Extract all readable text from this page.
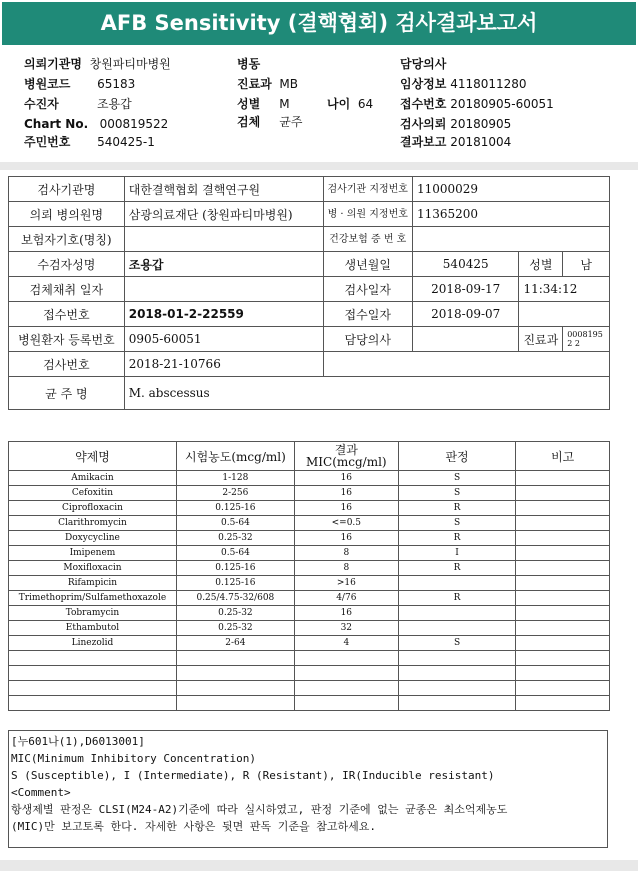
AFB Sensitivity (결핵협회) 검사결과보고서
의뢰기관명 창원파티마병원
병원코드 65183
수진자	조용갑
Chart No. 000819522
주민번호 540425-1
병동
진료과 MB
성별 M
검체 균주
나이 64
담당의사
임상정보 4118011280
접수번호 20180905-60051
검사의뢰 20180905
결과보고 20181004
검사기관명	대한결핵협회 결핵연구원	검사기관 지정번호	11000029		
의뢰 병의원명	삼광의료재단 (창원파티마병원)	병 · 의원 지정번호	11365200		
보험자기호(명칭)		건강보험 증 번 호			
수검자성명	조용갑	생년월일	540425	성별	남
검체채취 일자		검사일자	2018-09-17	11:34:12	
접수번호	2018-01-2-22559	접수일자	2018-09-07		
병원환자 등록번호	0905-60051	담당의사		진료과	00081952 2
검사번호	2018-21-10766				
균 주 명	M. abscessus				
약제명	시험농도(mcg/ml)	결과 MIC(mcg/ml)	판정	비고
Amikacin	1-128	16	S	
Cefoxitin	2-256	16	S	
Ciprofloxacin	0.125-16	16	R	
Clarithromycin	0.5-64	<=0.5	S	
Doxycycline	0.25-32	16	R	
Imipenem	0.5-64	8	I	
Moxifloxacin	0.125-16	8	R	
Rifampicin	0.125-16	>16		
Trimethoprim/Sulfamethoxazole	0.25/4.75-32/608	4/76	R	
Tobramycin	0.25-32	16		
Ethambutol	0.25-32	32		
Linezolid	2-64	4	S	

[누601나(1),D6013001]
MIC(Minimum Inhibitory Concentration)
S (Susceptible), I (Intermediate), R (Resistant), IR(Inducible resistant)
<Comment>
항생제별 판정은 CLSI(M24-A2)기준에 따라 실시하였고, 판정 기준에 없는 균종은 최소억제농도
(MIC)만 보고토록 한다. 자세한 사항은 뒷면 판독 기준을 참고하세요.
